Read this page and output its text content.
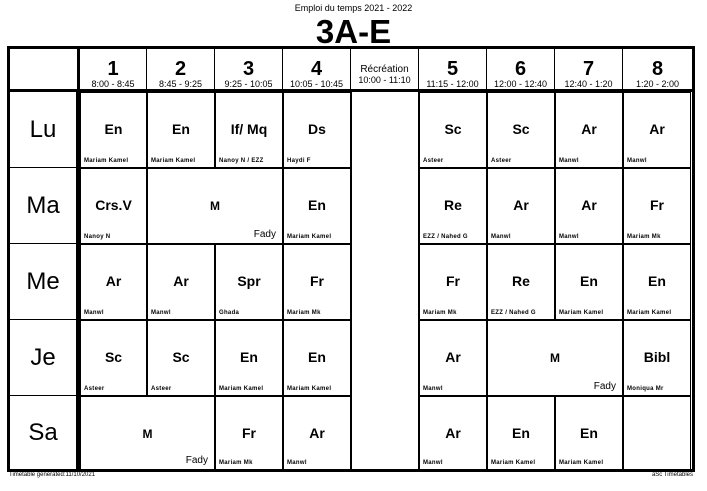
Emploi du temps 2021 - 2022
3A-E
1
8:00 - 8:45
2
8:45 - 9:25
3
9:25 - 10:05
4
10:05 - 10:45
Récréation
10:00 - 11:10	5
11:15 - 12:00
6
12:00 - 12:40
7
12:40 - 1:20
8
1:20 - 2:00
Lu
Ma
Me
Je
Sa
En
Mariam Kamel
En
Mariam Kamel
If/ Mq
Nanoy N / EZZ
Ds
Haydi F
Sc
Asteer
Sc
Asteer
Ar
Manwl
Ar
Manwl
Crs.V
Nanoy N
M
Fady
En
Mariam Kamel
Re
EZZ / Nahed G
Ar
Manwl
Ar
Manwl
Fr
Mariam Mk
Ar
Manwl
Ar
Manwl
Spr
Ghada
Fr
Mariam Mk
Fr
Mariam Mk
Re
EZZ / Nahed G
En
Mariam Kamel
En
Mariam Kamel
Sc
Asteer
Sc
Asteer
En
Mariam Kamel
En
Mariam Kamel
Ar
Manwl
M
Fady
Bibl
Moniqua Mr
M
Fady
Fr
Mariam Mk
Ar
Manwl
Ar
Manwl
En
Mariam Kamel
En
Mariam Kamel
Timetable generated:11/10/2021	aSc Timetables
